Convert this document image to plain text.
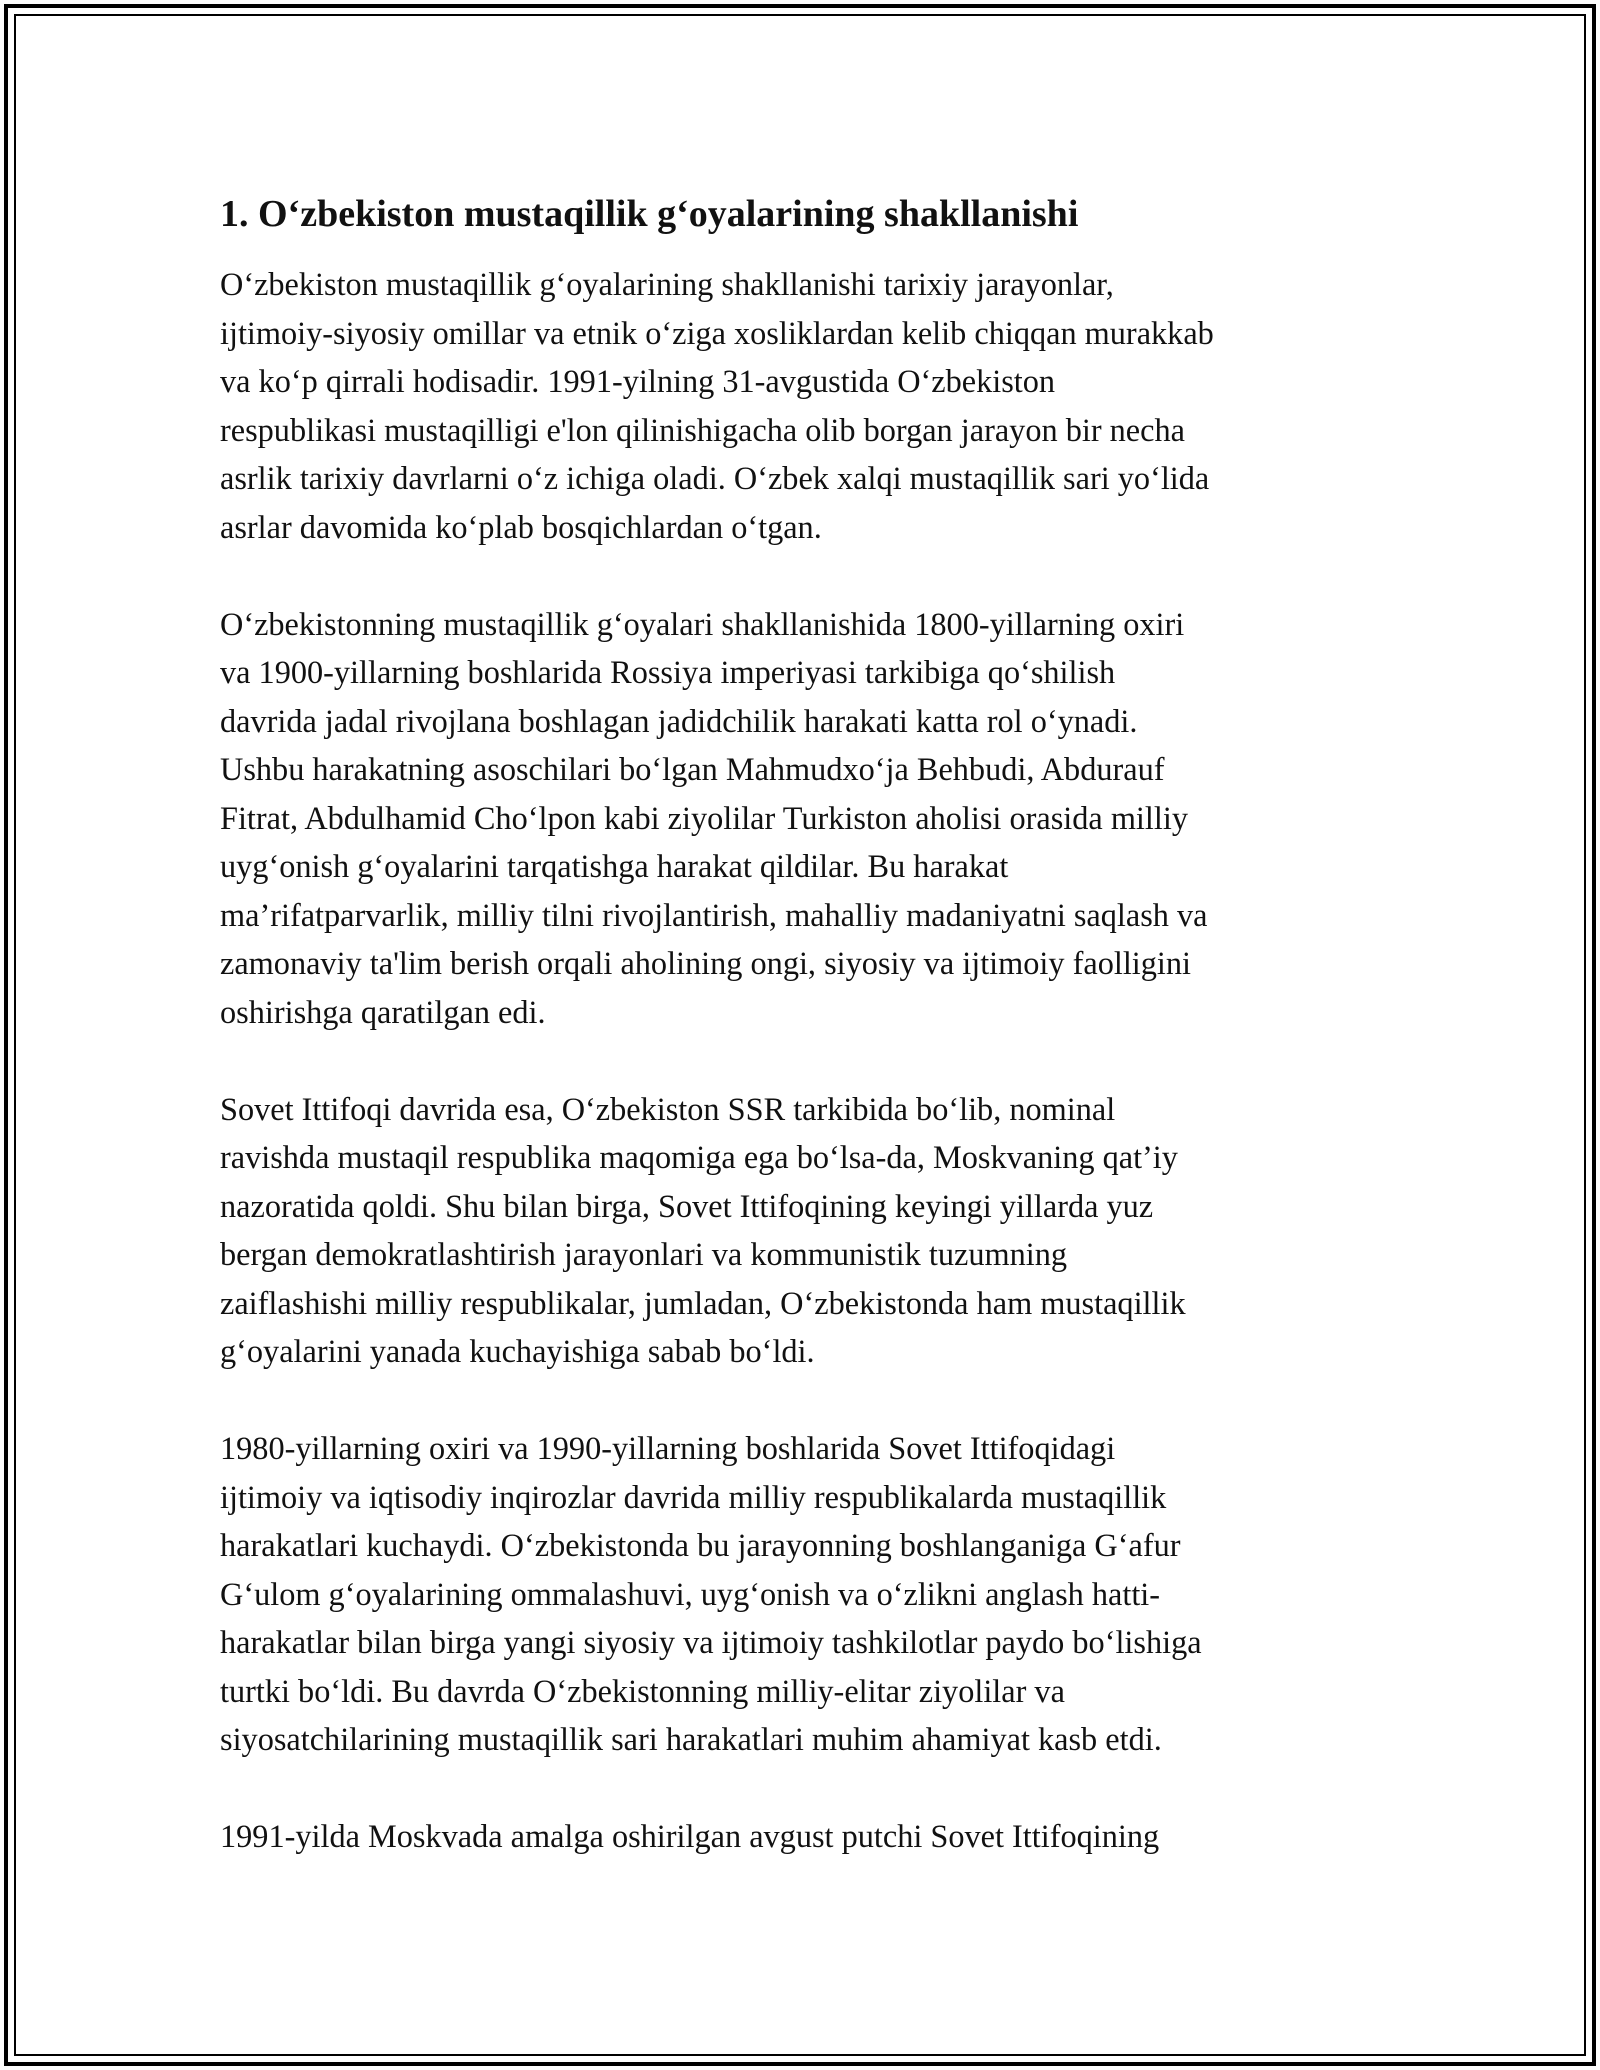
1. O‘zbekiston mustaqillik g‘oyalarining shakllanishi

O‘zbekiston mustaqillik g‘oyalarining shakllanishi tarixiy jarayonlar,
ijtimoiy-siyosiy omillar va etnik o‘ziga xosliklardan kelib chiqqan murakkab
va ko‘p qirrali hodisadir. 1991-yilning 31-avgustida O‘zbekiston
respublikasi mustaqilligi e'lon qilinishigacha olib borgan jarayon bir necha
asrlik tarixiy davrlarni o‘z ichiga oladi. O‘zbek xalqi mustaqillik sari yo‘lida
asrlar davomida ko‘plab bosqichlardan o‘tgan.

O‘zbekistonning mustaqillik g‘oyalari shakllanishida 1800-yillarning oxiri
va 1900-yillarning boshlarida Rossiya imperiyasi tarkibiga qo‘shilish
davrida jadal rivojlana boshlagan jadidchilik harakati katta rol o‘ynadi.
Ushbu harakatning asoschilari bo‘lgan Mahmudxo‘ja Behbudi, Abdurauf
Fitrat, Abdulhamid Cho‘lpon kabi ziyolilar Turkiston aholisi orasida milliy
uyg‘onish g‘oyalarini tarqatishga harakat qildilar. Bu harakat
ma’rifatparvarlik, milliy tilni rivojlantirish, mahalliy madaniyatni saqlash va
zamonaviy ta'lim berish orqali aholining ongi, siyosiy va ijtimoiy faolligini
oshirishga qaratilgan edi.

Sovet Ittifoqi davrida esa, O‘zbekiston SSR tarkibida bo‘lib, nominal
ravishda mustaqil respublika maqomiga ega bo‘lsa-da, Moskvaning qat’iy
nazoratida qoldi. Shu bilan birga, Sovet Ittifoqining keyingi yillarda yuz
bergan demokratlashtirish jarayonlari va kommunistik tuzumning
zaiflashishi milliy respublikalar, jumladan, O‘zbekistonda ham mustaqillik
g‘oyalarini yanada kuchayishiga sabab bo‘ldi.

1980-yillarning oxiri va 1990-yillarning boshlarida Sovet Ittifoqidagi
ijtimoiy va iqtisodiy inqirozlar davrida milliy respublikalarda mustaqillik
harakatlari kuchaydi. O‘zbekistonda bu jarayonning boshlanganiga G‘afur
G‘ulom g‘oyalarining ommalashuvi, uyg‘onish va o‘zlikni anglash hatti-
harakatlar bilan birga yangi siyosiy va ijtimoiy tashkilotlar paydo bo‘lishiga
turtki bo‘ldi. Bu davrda O‘zbekistonning milliy-elitar ziyolilar va
siyosatchilarining mustaqillik sari harakatlari muhim ahamiyat kasb etdi.

1991-yilda Moskvada amalga oshirilgan avgust putchi Sovet Ittifoqining
